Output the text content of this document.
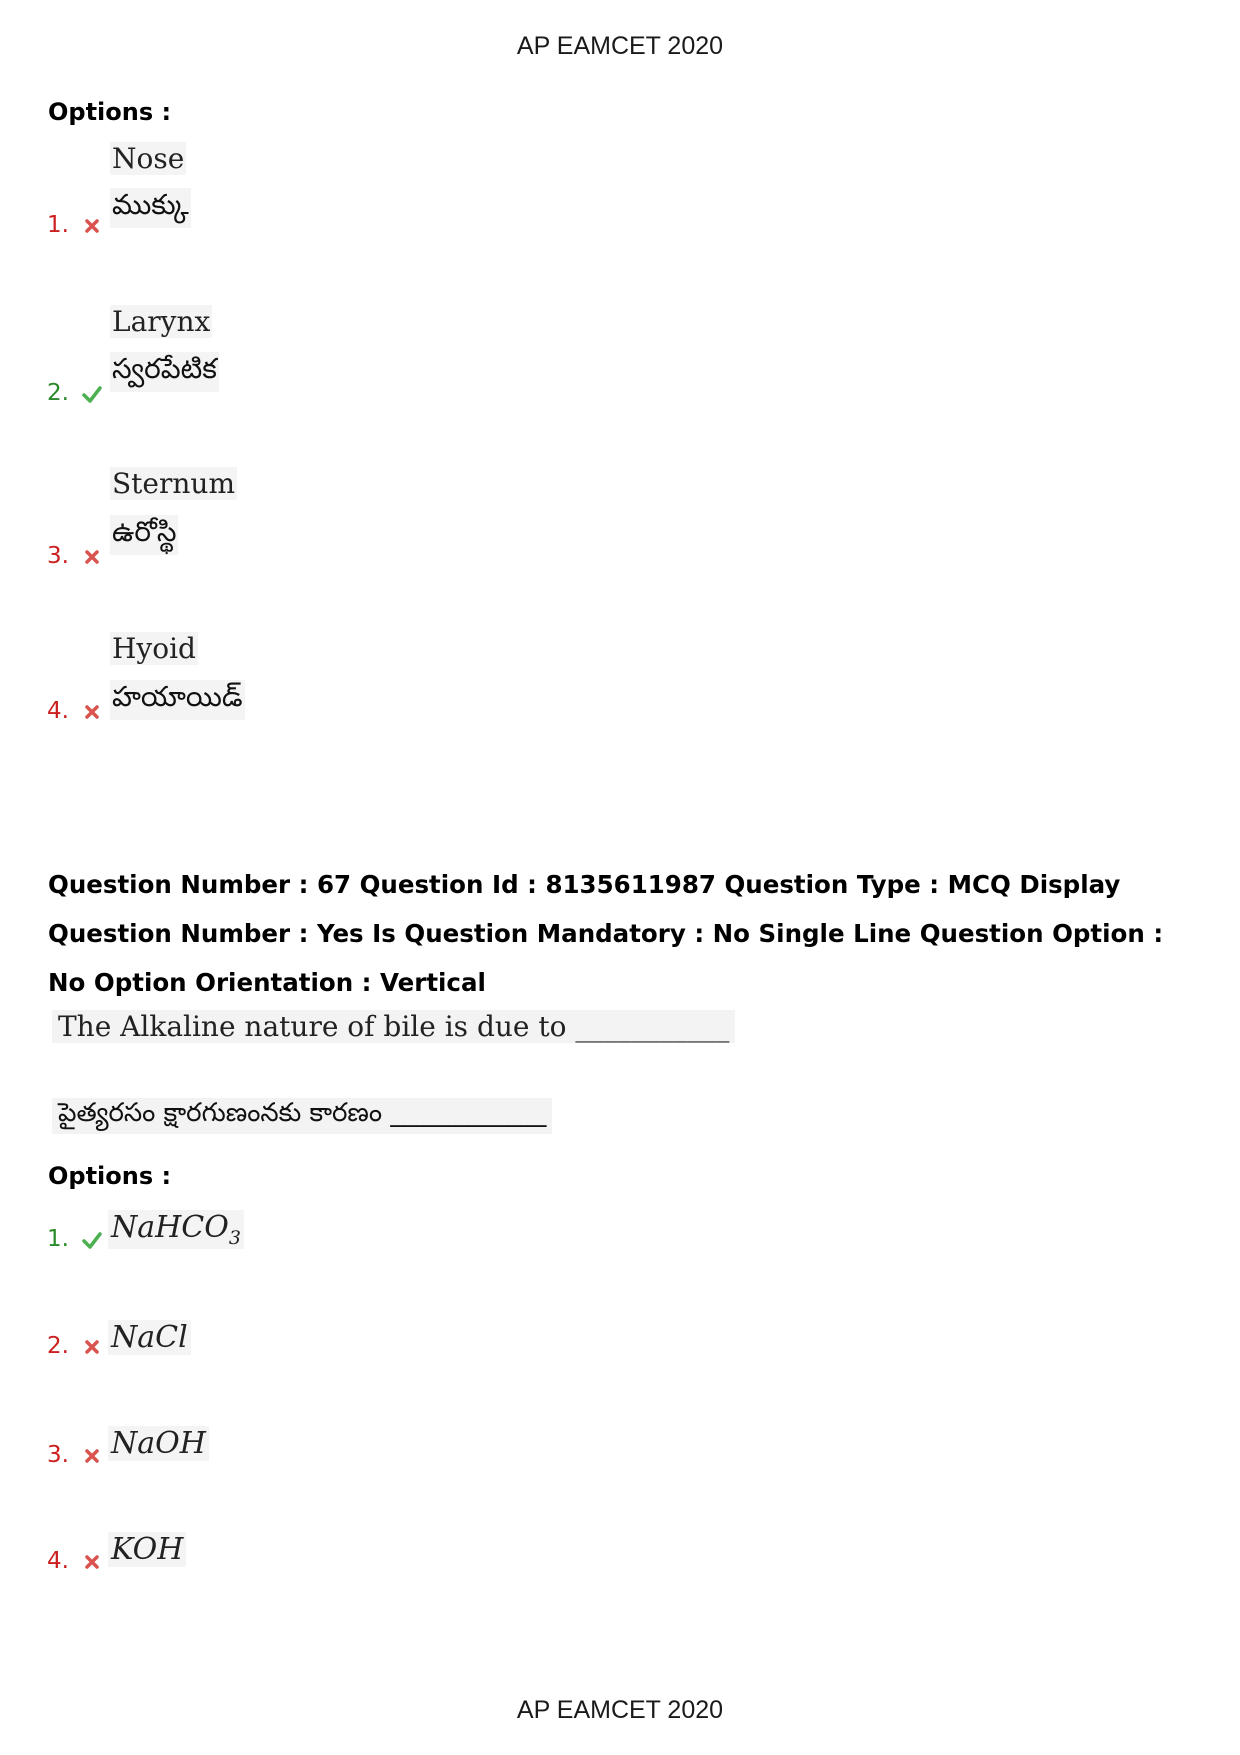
AP EAMCET 2020
Options :
Nose
ముక్కు
1.
Larynx
స్వరపేటిక
2.
Sternum
ఉరోస్థి
3.
Hyoid
హయాయిడ్
4.
Question Number : 67 Question Id : 8135611987 Question Type : MCQ Display Question Number : Yes Is Question Mandatory : No Single Line Question Option : No Option Orientation : Vertical
The Alkaline nature of bile is due to ___________
పైత్యరసం క్షారగుణంనకు కారణం ____________
Options :
1.	NaHCO$_3$
2.	NaCl
3.	NaOH
4.	KOH
AP EAMCET 2020
